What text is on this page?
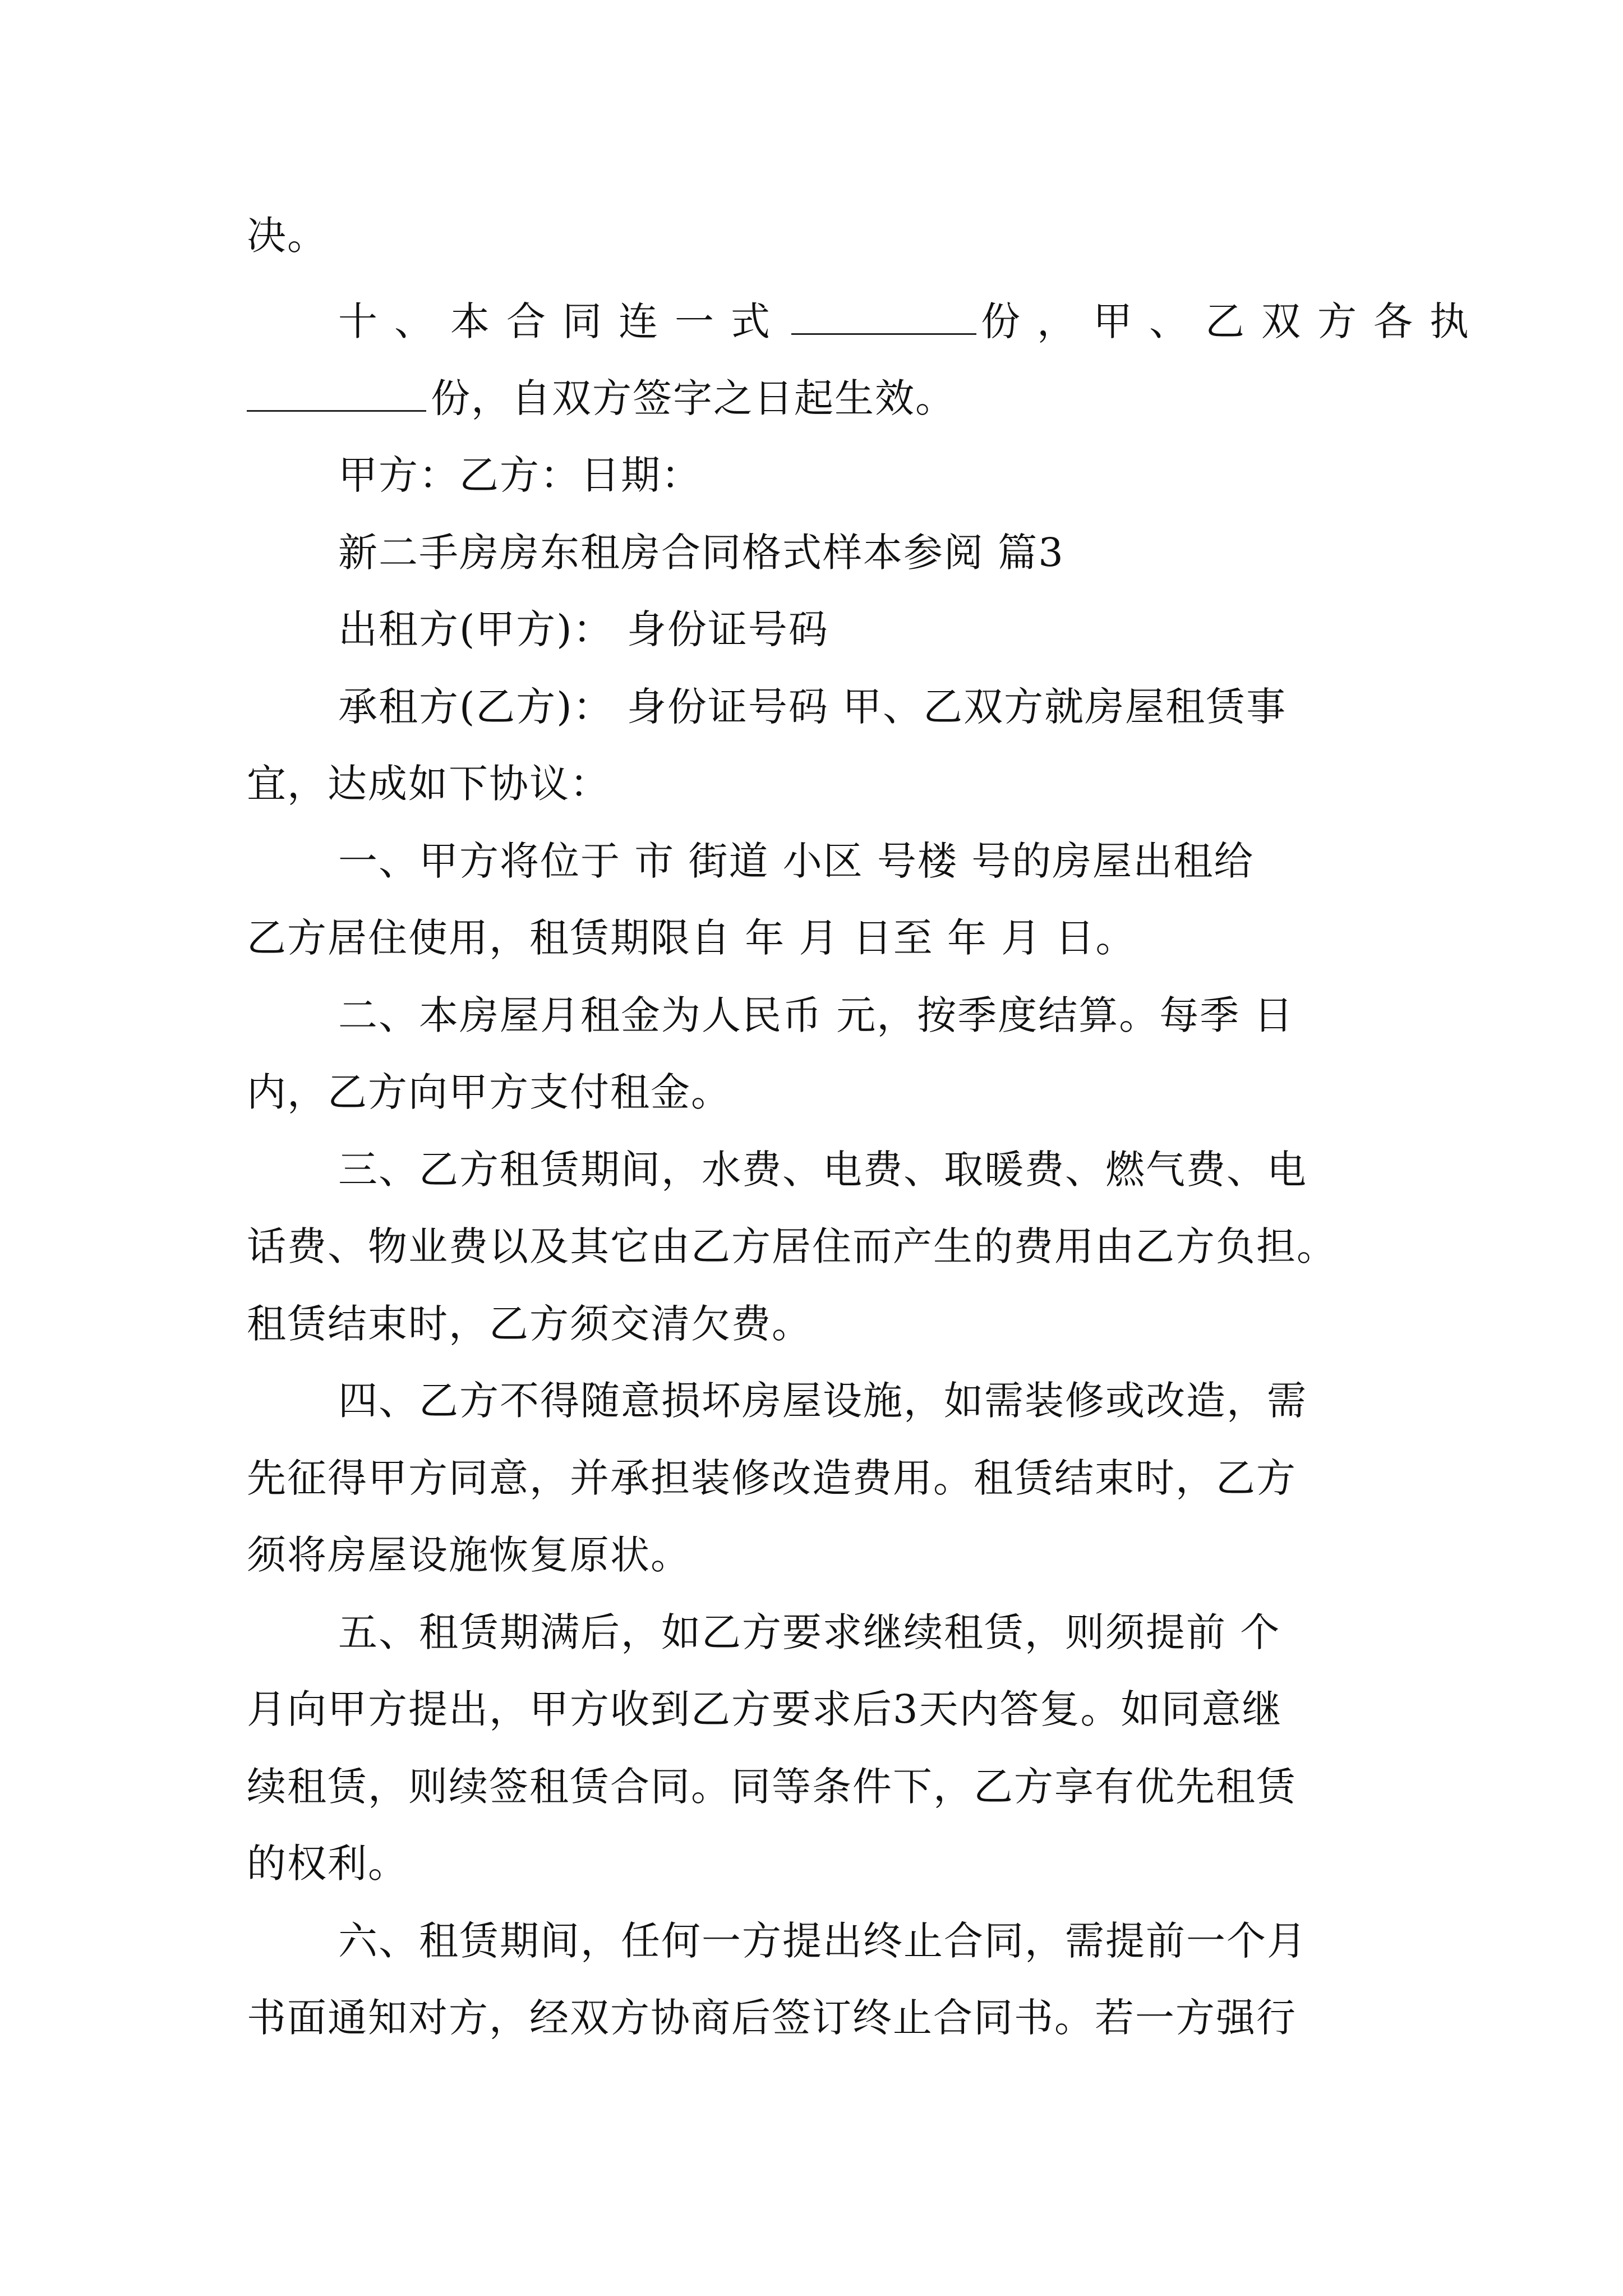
决。
十、本合同连一式	份，甲、乙双方各执
份，自双方签字之日起生效。
甲方：乙方：日期：
新二手房房东租房合同格式样本参阅 篇3
出租方(甲方)： 身份证号码
承租方(乙方)： 身份证号码 甲、乙双方就房屋租赁事
宜，达成如下协议：
一、甲方将位于 市 街道 小区 号楼 号的房屋出租给
乙方居住使用，租赁期限自 年 月 日至 年 月 日。
二、本房屋月租金为人民币 元，按季度结算。每季 日
内，乙方向甲方支付租金。
三、乙方租赁期间，水费、电费、取暖费、燃气费、电
话费、物业费以及其它由乙方居住而产生的费用由乙方负担。
租赁结束时，乙方须交清欠费。
四、乙方不得随意损坏房屋设施，如需装修或改造，需
先征得甲方同意，并承担装修改造费用。租赁结束时，乙方
须将房屋设施恢复原状。
五、租赁期满后，如乙方要求继续租赁，则须提前 个
月向甲方提出，甲方收到乙方要求后3天内答复。如同意继
续租赁，则续签租赁合同。同等条件下，乙方享有优先租赁
的权利。
六、租赁期间，任何一方提出终止合同，需提前一个月
书面通知对方，经双方协商后签订终止合同书。若一方强行
